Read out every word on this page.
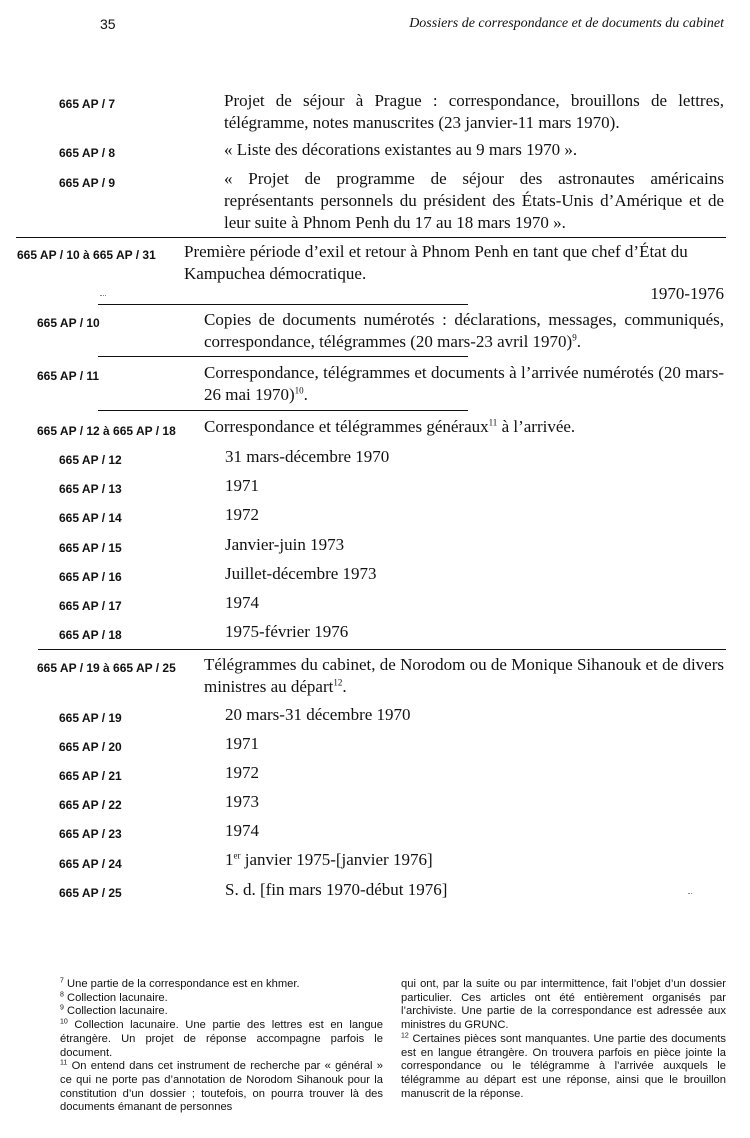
35	Dossiers de correspondance et de documents du cabinet
665 AP / 7	Projet de séjour à Prague : correspondance, brouillons de lettres, télégramme, notes manuscrites (23 janvier-11 mars 1970).
665 AP / 8	« Liste des décorations existantes au 9 mars 1970 ».
665 AP / 9	« Projet de programme de séjour des astronautes américains représentants personnels du président des États-Unis d’Amérique et de leur suite à Phnom Penh du 17 au 18 mars 1970 ».
665 AP / 10 à 665 AP / 31 Première période d’exil et retour à Phnom Penh en tant que chef d’État du Kampuchea démocratique.
1970-1976
665 AP / 10	Copies de documents numérotés : déclarations, messages, communiqués, correspondance, télégrammes (20 mars-23 avril 1970)$^9$.
665 AP / 11	Correspondance, télégrammes et documents à l’arrivée numérotés (20 mars-26 mai 1970)$^{10}$.
665 AP / 12 à 665 AP / 18 Correspondance et télégrammes généraux$^{11}$ à l’arrivée.
665 AP / 12	31 mars-décembre 1970
665 AP / 13	1971
665 AP / 14	1972
665 AP / 15	Janvier-juin 1973
665 AP / 16	Juillet-décembre 1973
665 AP / 17	1974
665 AP / 18	1975-février 1976
665 AP / 19 à 665 AP / 25 Télégrammes du cabinet, de Norodom ou de Monique Sihanouk et de divers ministres au départ$^{12}$.
665 AP / 19	20 mars-31 décembre 1970
665 AP / 20	1971
665 AP / 21	1972
665 AP / 22	1973
665 AP / 23	1974
665 AP / 24	1er janvier 1975-[janvier 1976]
665 AP / 25	S. d. [fin mars 1970-début 1976]

$^7$ Une partie de la correspondance est en khmer.

$^8$ Collection lacunaire.

$^9$ Collection lacunaire.

$^{10}$ Collection lacunaire. Une partie des lettres est en langue étrangère. Un projet de réponse accompagne parfois le document.

$^{11}$ On entend dans cet instrument de recherche par « général » ce qui ne porte pas d’annotation de Norodom Sihanouk pour la constitution d’un dossier ; toutefois, on pourra trouver là des documents émanant de personnes

qui ont, par la suite ou par intermittence, fait l’objet d’un dossier particulier. Ces articles ont été entièrement organisés par l’archiviste. Une partie de la correspondance est adressée aux ministres du GRUNC.

$^{12}$ Certaines pièces sont manquantes. Une partie des documents est en langue étrangère. On trouvera parfois en pièce jointe la correspondance ou le télégramme à l’arrivée auxquels le télégramme au départ est une réponse, ainsi que le brouillon manuscrit de la réponse.
